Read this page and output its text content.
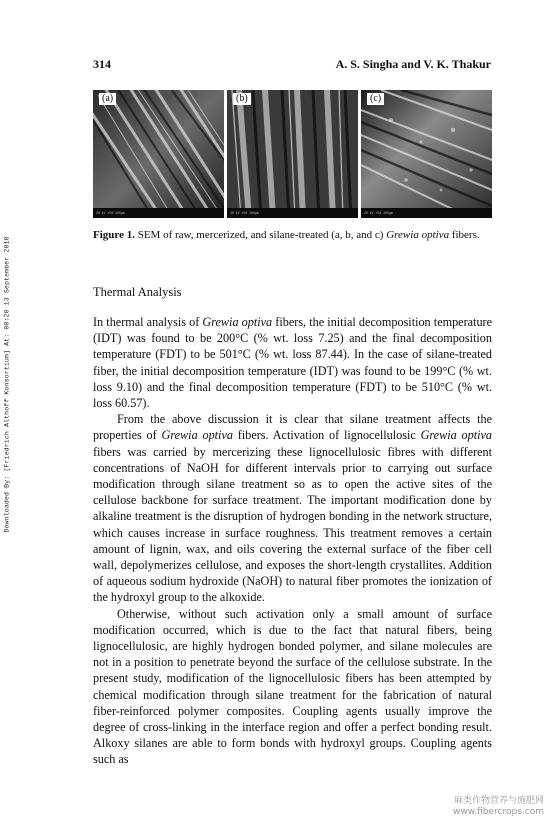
Downloaded By: [Friedrich Althoff Konsortium] At: 00:20 13 September 2010
314	A. S. Singha and V. K. Thakur
20 kV ×50 100µm
(a)
20 kV ×50 100µm
(b)
20 kV ×50 100µm
(c)
Figure 1. SEM of raw, mercerized, and silane-treated (a, b, and c) Grewia optiva fibers.
Thermal Analysis

In thermal analysis of Grewia optiva fibers, the initial decomposition temperature (IDT) was found to be 200°C (% wt. loss 7.25) and the final decomposition temperature (FDT) to be 501°C (% wt. loss 87.44). In the case of silane-treated fiber, the initial decomposition temperature (IDT) was found to be 199°C (% wt. loss 9.10) and the final decomposition temperature (FDT) to be 510°C (% wt. loss 60.57).

From the above discussion it is clear that silane treatment affects the properties of Grewia optiva fibers. Activation of lignocellulosic Grewia optiva fibers was carried by mercerizing these lignocellulosic fibres with different concentrations of NaOH for different intervals prior to carrying out surface modification through silane treatment so as to open the active sites of the cellulose backbone for surface treatment. The important modification done by alkaline treatment is the disruption of hydrogen bonding in the network structure, which causes increase in surface roughness. This treatment removes a certain amount of lignin, wax, and oils covering the external surface of the fiber cell wall, depolymerizes cellulose, and exposes the short-length crystallites. Addition of aqueous sodium hydroxide (NaOH) to natural fiber promotes the ionization of the hydroxyl group to the alkoxide.

Otherwise, without such activation only a small amount of surface modification occurred, which is due to the fact that natural fibers, being lignocellulosic, are highly hydrogen bonded polymer, and silane molecules are not in a position to penetrate beyond the surface of the cellulose substrate. In the present study, modification of the lignocellulosic fibers has been attempted by chemical modification through silane treatment for the fabrication of natural fiber-reinforced polymer composites. Coupling agents usually improve the degree of cross-linking in the interface region and offer a perfect bonding result. Alkoxy silanes are able to form bonds with hydroxyl groups. Coupling agents such as

麻类作物营养与施肥网
www.fibercrops.com
